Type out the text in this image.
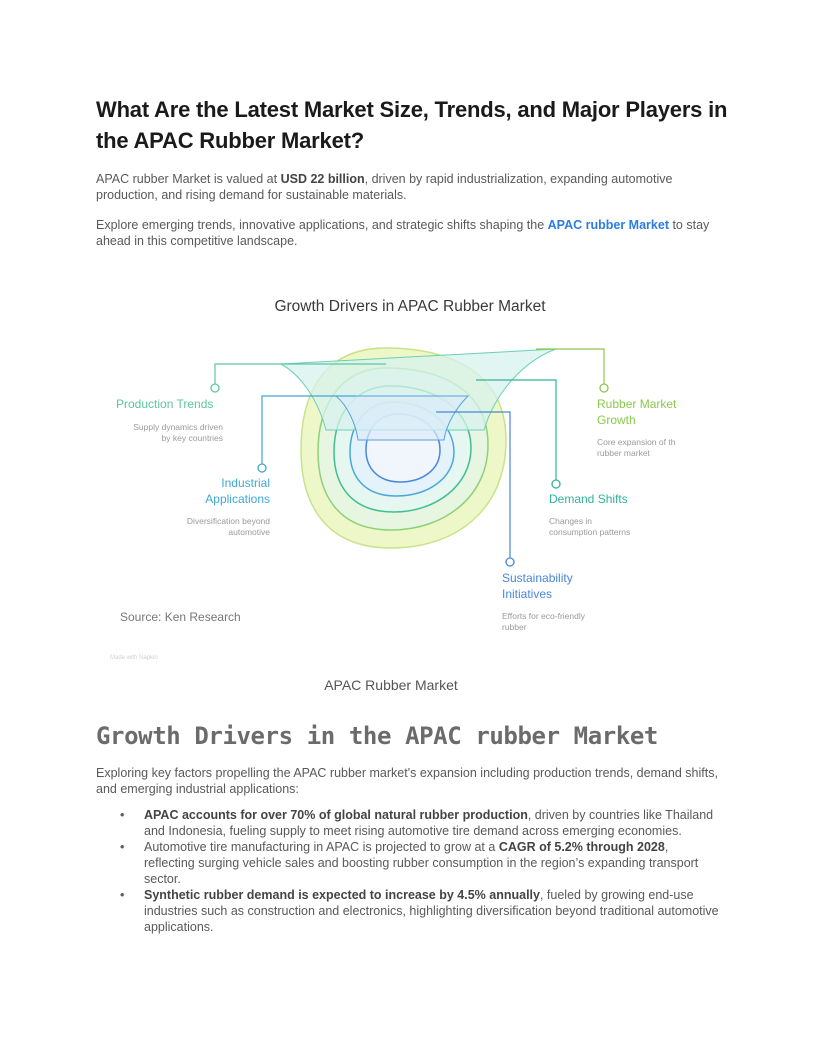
What Are the Latest Market Size, Trends, and Major Players in the APAC Rubber Market?

APAC rubber Market is valued at USD 22 billion, driven by rapid industrialization, expanding automotive production, and rising demand for sustainable materials.

Explore emerging trends, innovative applications, and strategic shifts shaping the APAC rubber Market to stay ahead in this competitive landscape.

Growth Drivers in APAC Rubber Market
Production Trends
Supply dynamics driven
by key countries
Industrial
Applications
Diversification beyond
automotive
Rubber Market
Growth
Core expansion of th
rubber market
Demand Shifts
Changes in
consumption patterns
Sustainability
Initiatives
Efforts for eco-friendly
rubber
Source: Ken Research
Made with Napkin
APAC Rubber Market
Growth Drivers in the APAC rubber Market

Exploring key factors propelling the APAC rubber market's expansion including production trends, demand shifts, and emerging industrial applications:

• APAC accounts for over 70% of global natural rubber production, driven by countries like Thailand and Indonesia, fueling supply to meet rising automotive tire demand across emerging economies.
• Automotive tire manufacturing in APAC is projected to grow at a CAGR of 5.2% through 2028, reflecting surging vehicle sales and boosting rubber consumption in the region’s expanding transport sector.
• Synthetic rubber demand is expected to increase by 4.5% annually, fueled by growing end-use industries such as construction and electronics, highlighting diversification beyond traditional automotive applications.
